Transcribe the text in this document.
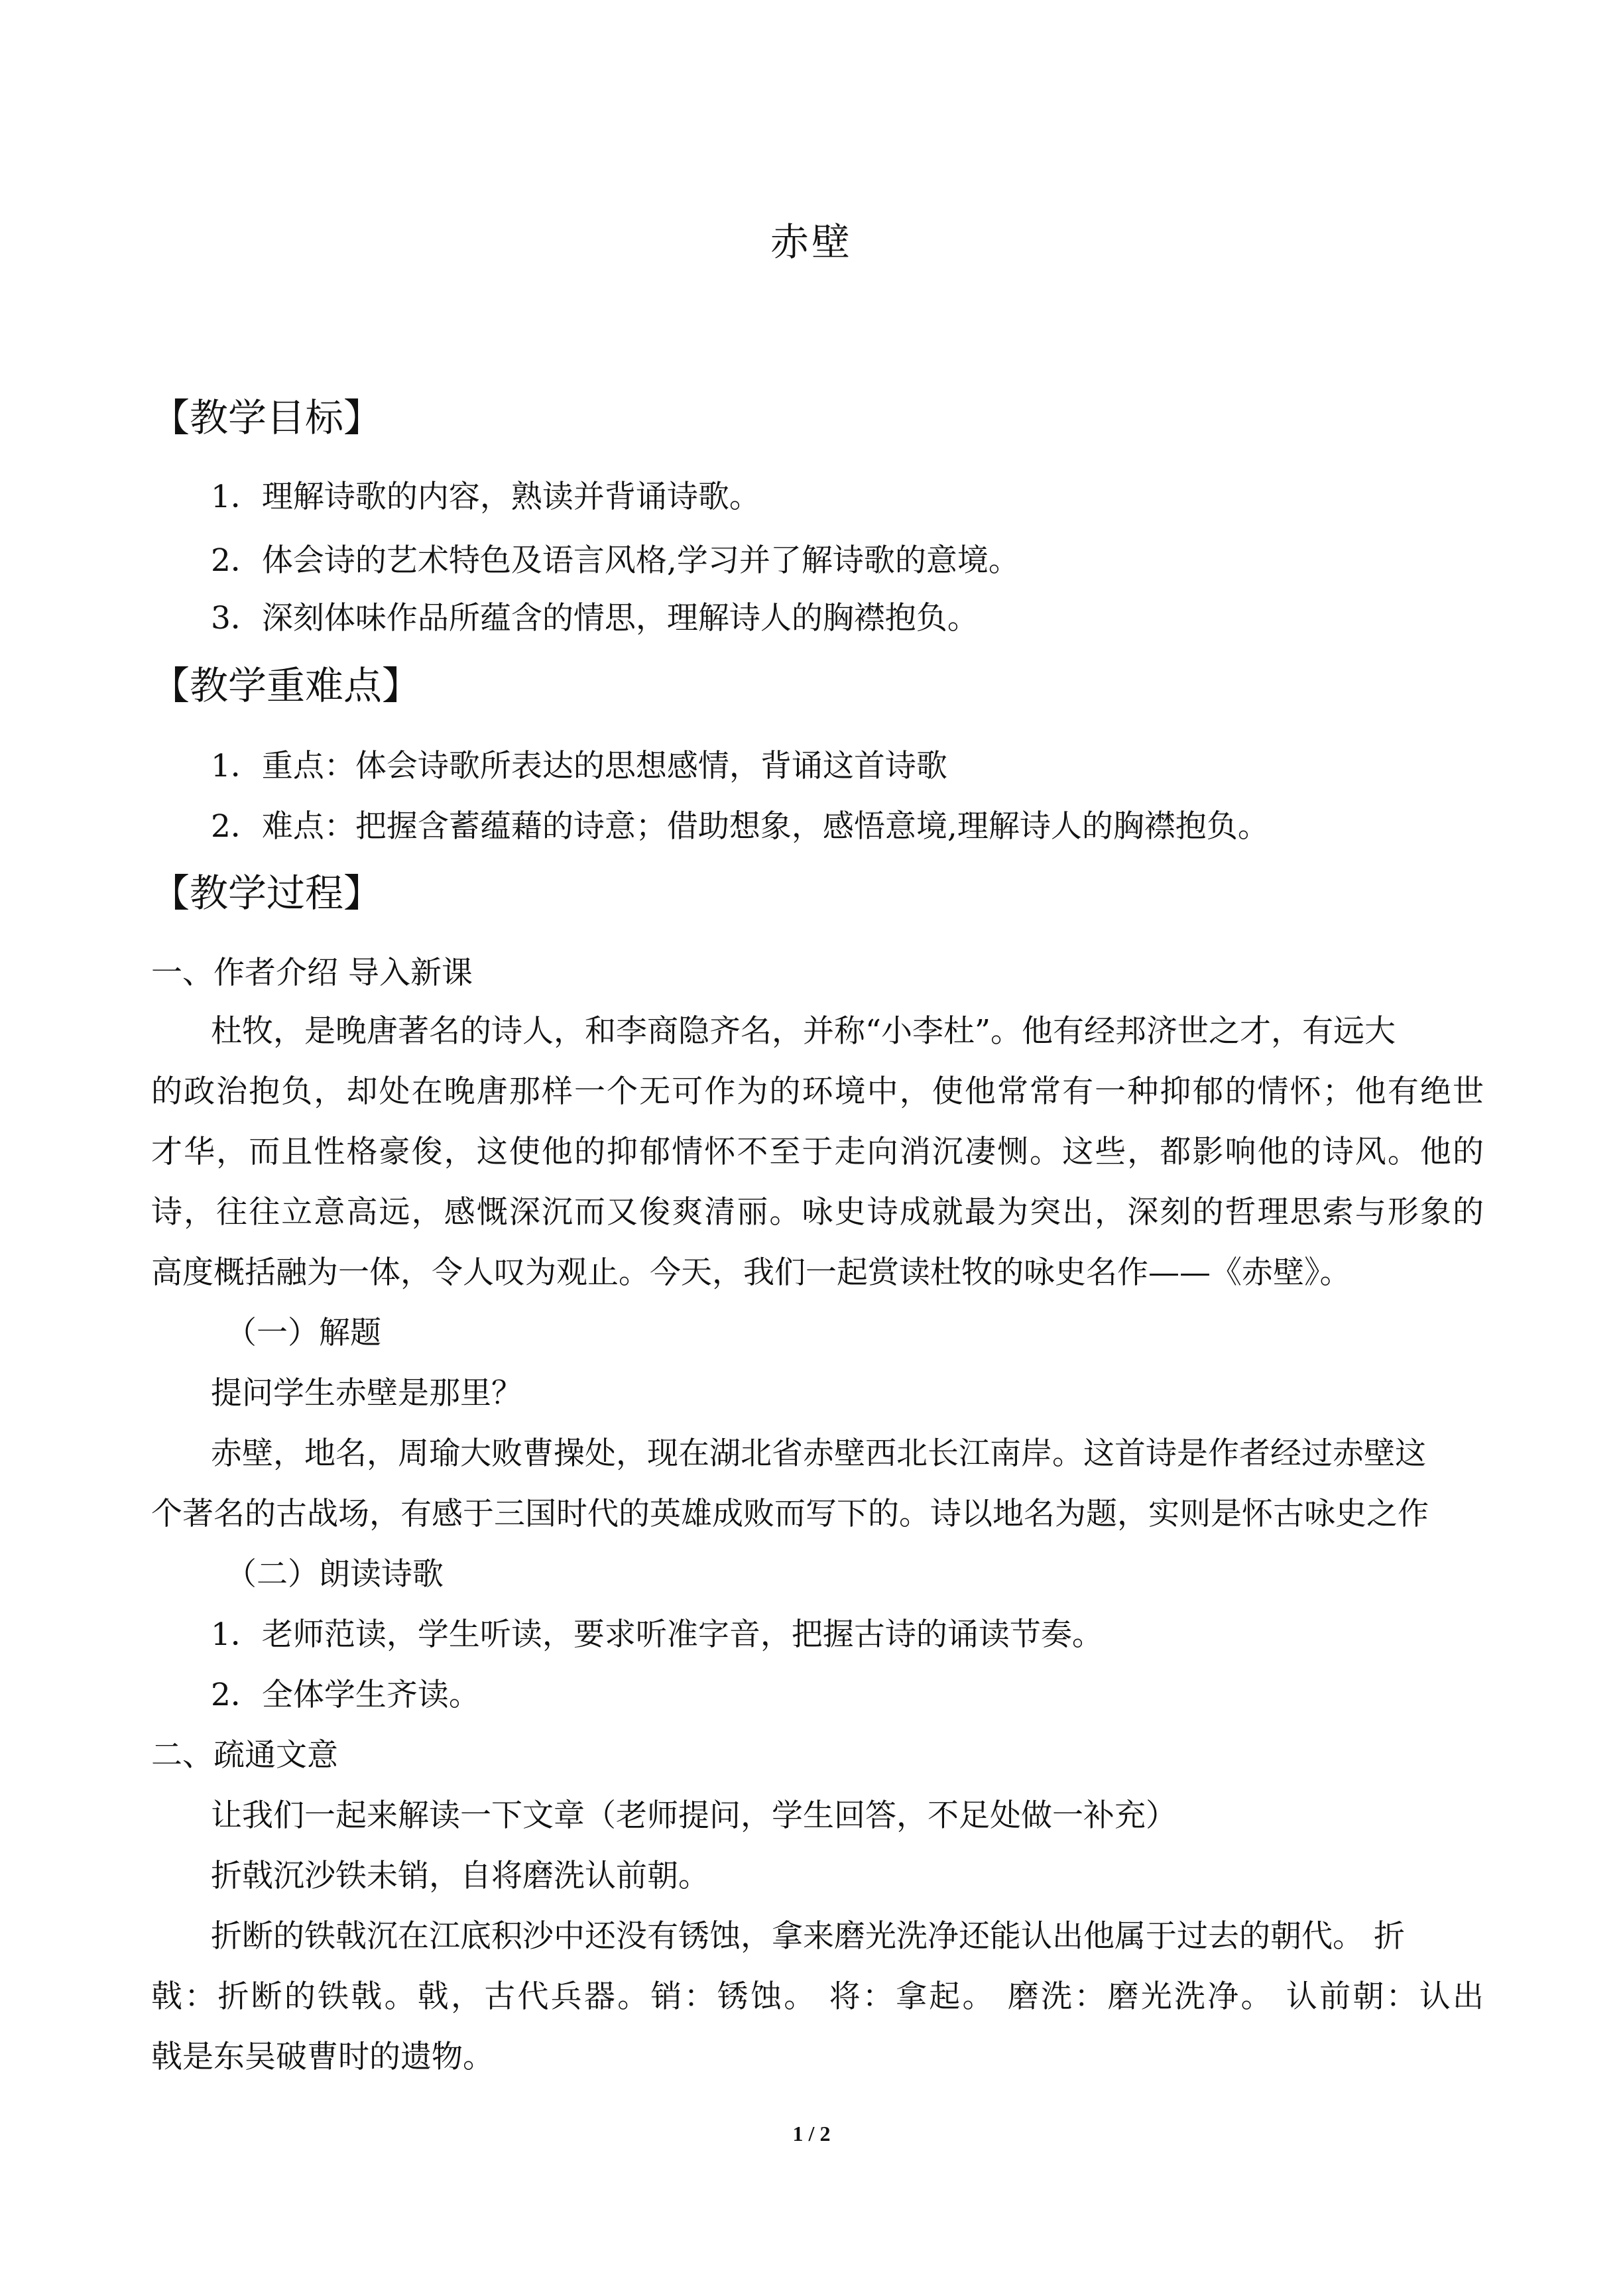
赤壁
【教学目标】
1．理解诗歌的内容，熟读并背诵诗歌。
2．体会诗的艺术特色及语言风格,学习并了解诗歌的意境。
3．深刻体味作品所蕴含的情思，理解诗人的胸襟抱负。
【教学重难点】
1．重点：体会诗歌所表达的思想感情，背诵这首诗歌
2．难点：把握含蓄蕴藉的诗意；借助想象，感悟意境,理解诗人的胸襟抱负。
【教学过程】
一、作者介绍 导入新课
杜牧，是晚唐著名的诗人，和李商隐齐名，并称“小李杜”。他有经邦济世之才，有远大
的政治抱负，却处在晚唐那样一个无可作为的环境中，使他常常有一种抑郁的情怀；他有绝世
才华，而且性格豪俊，这使他的抑郁情怀不至于走向消沉凄恻。这些，都影响他的诗风。他的
诗，往往立意高远，感慨深沉而又俊爽清丽。咏史诗成就最为突出，深刻的哲理思索与形象的
高度概括融为一体，令人叹为观止。今天，我们一起赏读杜牧的咏史名作——《赤壁》。
（一）解题
提问学生赤壁是那里？
赤壁，地名，周瑜大败曹操处，现在湖北省赤壁西北长江南岸。这首诗是作者经过赤壁这
个著名的古战场，有感于三国时代的英雄成败而写下的。诗以地名为题，实则是怀古咏史之作
（二）朗读诗歌
1．老师范读，学生听读，要求听准字音，把握古诗的诵读节奏。
2．全体学生齐读。
二、疏通文意
让我们一起来解读一下文章（老师提问，学生回答，不足处做一补充）
折戟沉沙铁未销，自将磨洗认前朝。
折断的铁戟沉在江底积沙中还没有锈蚀，拿来磨光洗净还能认出他属于过去的朝代。 折
戟：折断的铁戟。戟，古代兵器。销：锈蚀。 将：拿起。 磨洗：磨光洗净。 认前朝：认出
戟是东吴破曹时的遗物。
1 / 2
